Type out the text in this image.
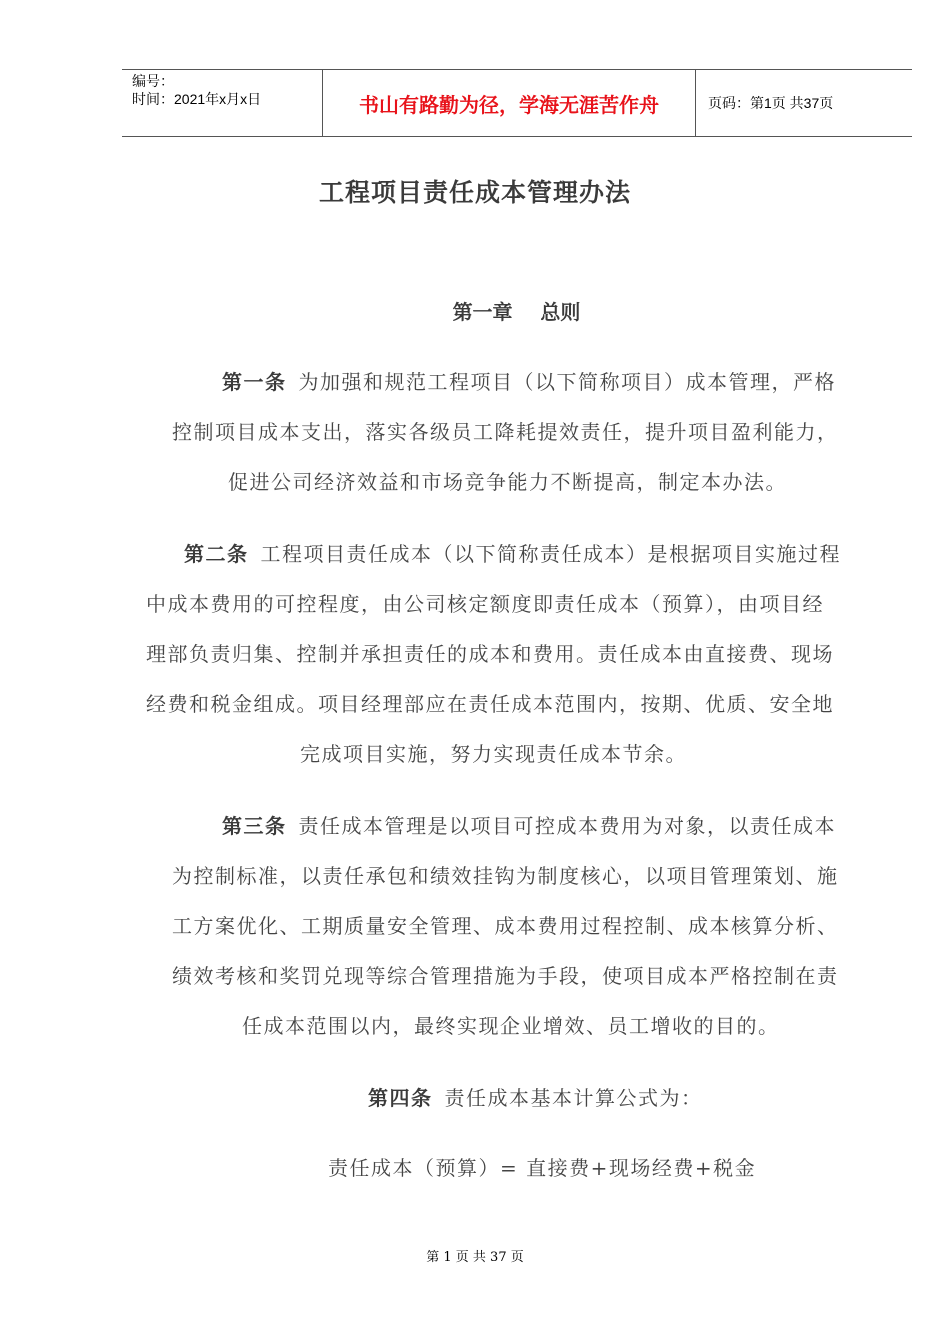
编号：
时间：2021年x月x日	书山有路勤为径，学海无涯苦作舟	页码：第1页 共37页
工程项目责任成本管理办法
第一章    总则
第一条 为加强和规范工程项目（以下简称项目）成本管理，严格
控制项目成本支出，落实各级员工降耗提效责任，提升项目盈利能力，
促进公司经济效益和市场竞争能力不断提高，制定本办法。
第二条 工程项目责任成本（以下简称责任成本）是根据项目实施过程
中成本费用的可控程度，由公司核定额度即责任成本（预算），由项目经
理部负责归集、控制并承担责任的成本和费用。责任成本由直接费、现场
经费和税金组成。项目经理部应在责任成本范围内，按期、优质、安全地
完成项目实施，努力实现责任成本节余。
第三条 责任成本管理是以项目可控成本费用为对象，以责任成本
为控制标准，以责任承包和绩效挂钩为制度核心，以项目管理策划、施
工方案优化、工期质量安全管理、成本费用过程控制、成本核算分析、
绩效考核和奖罚兑现等综合管理措施为手段，使项目成本严格控制在责
任成本范围以内，最终实现企业增效、员工增收的目的。
第四条 责任成本基本计算公式为：
责任成本（预算）= 直接费+现场经费+税金
第 1 页 共 37 页
